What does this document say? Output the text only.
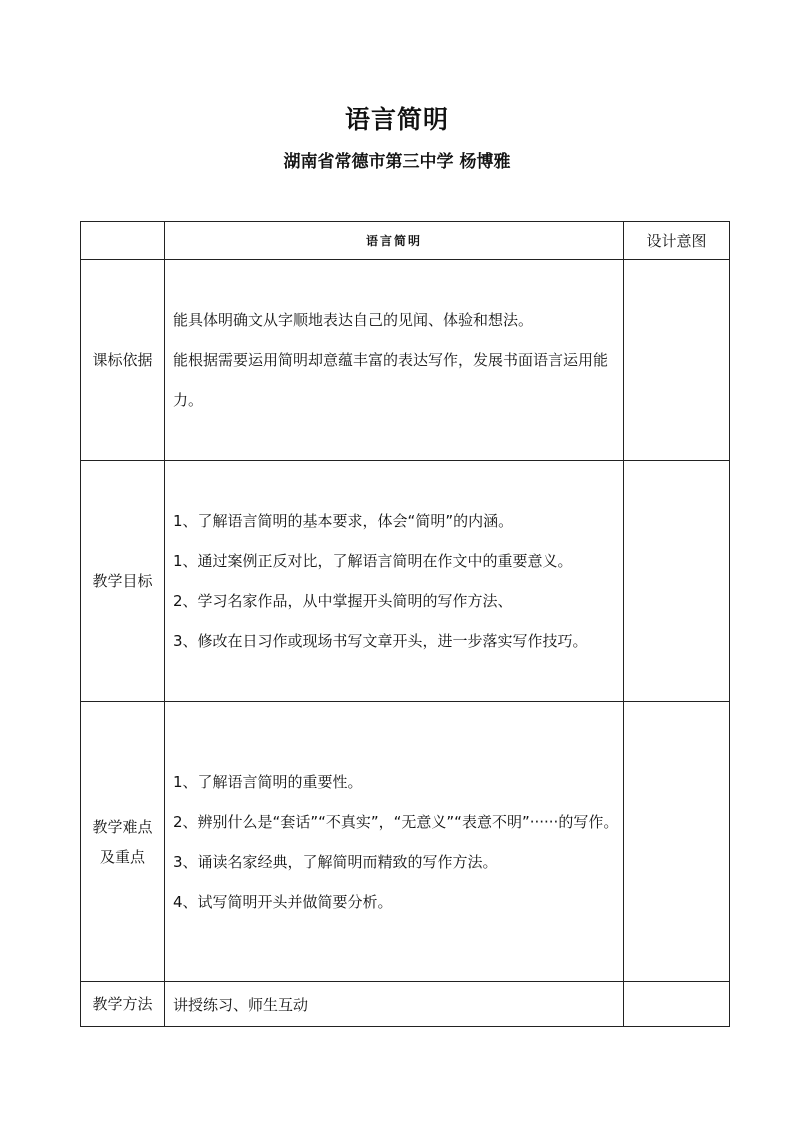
语言简明
湖南省常德市第三中学 杨博雅
	语言简明	设计意图
课标依据	能具体明确文从字顺地表达自己的见闻、体验和想法。
能根据需要运用简明却意蕴丰富的表达写作，发展书面语言运用能力。	

教学目标	1、了解语言简明的基本要求，体会“简明”的内涵。
1、通过案例正反对比，了解语言简明在作文中的重要意义。
2、学习名家作品，从中掌握开头简明的写作方法、
3、修改在日习作或现场书写文章开头，进一步落实写作技巧。	

教学难点
及重点	1、了解语言简明的重要性。
2、辨别什么是“套话”“不真实”，“无意义”“表意不明”······的写作。
3、诵读名家经典，了解简明而精致的写作方法。
4、试写简明开头并做简要分析。	

教学方法	讲授练习、师生互动	
